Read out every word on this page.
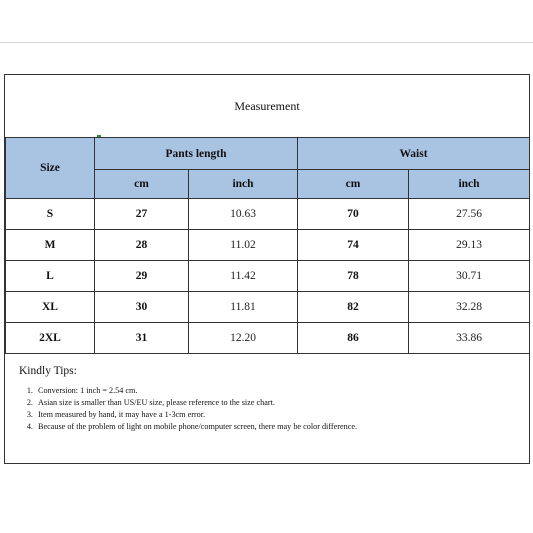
Measurement
Size	Pants length		Waist	
	cm	inch	cm	inch
S	27	10.63	70	27.56
M	28	11.02	74	29.13
L	29	11.42	78	30.71
XL	30	11.81	82	32.28
2XL	31	12.20	86	33.86
Kindly Tips:
1. Conversion: 1 inch = 2.54 cm.
2. Asian size is smaller than US/EU size, please reference to the size chart.
3. Item measured by hand, it may have a 1-3cm error.
4. Because of the problem of light on mobile phone/computer screen, there may be color difference.
